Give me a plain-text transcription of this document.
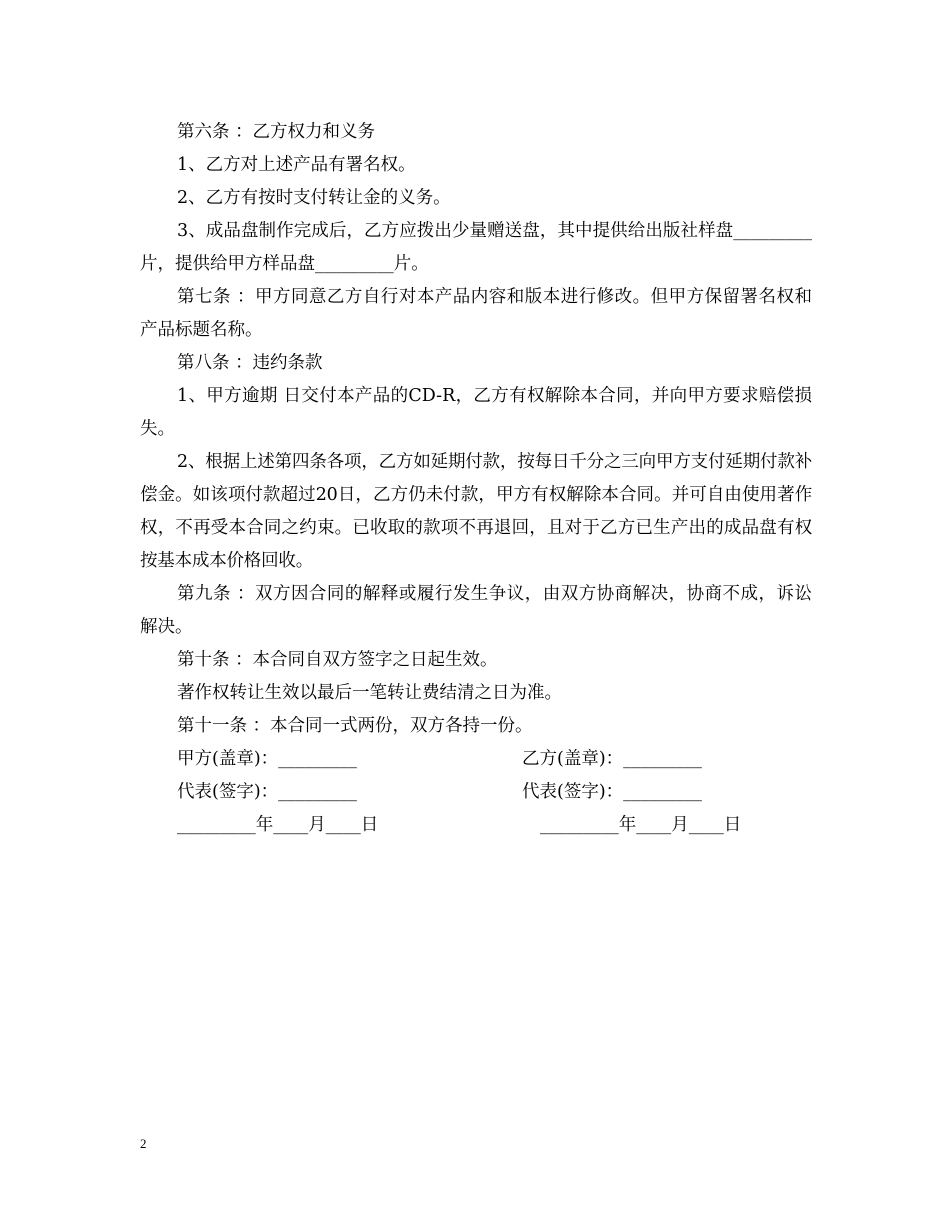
第六条 ：乙方权力和义务

1、乙方对上述产品有署名权。

2、乙方有按时支付转让金的义务。

3、成品盘制作完成后，乙方应拨出少量赠送盘，其中提供给出版社样盘_________片，提供给甲方样品盘_________片。

第七条 ：甲方同意乙方自行对本产品内容和版本进行修改。但甲方保留署名权和产品标题名称。

第八条 ：违约条款

1、甲方逾期 日交付本产品的CD-R，乙方有权解除本合同，并向甲方要求赔偿损失。

2、根据上述第四条各项，乙方如延期付款，按每日千分之三向甲方支付延期付款补偿金。如该项付款超过20日，乙方仍未付款，甲方有权解除本合同。并可自由使用著作权，不再受本合同之约束。已收取的款项不再退回，且对于乙方已生产出的成品盘有权按基本成本价格回收。

第九条 ：双方因合同的解释或履行发生争议，由双方协商解决，协商不成，诉讼解决。

第十条 ：本合同自双方签字之日起生效。

著作权转让生效以最后一笔转让费结清之日为准。

第十一条 ：本合同一式两份，双方各持一份。

甲方(盖章)：_________	乙方(盖章)：_________
代表(签字)：_________	代表(签字)：_________
_________年____月____日	_________年____月____日
2
